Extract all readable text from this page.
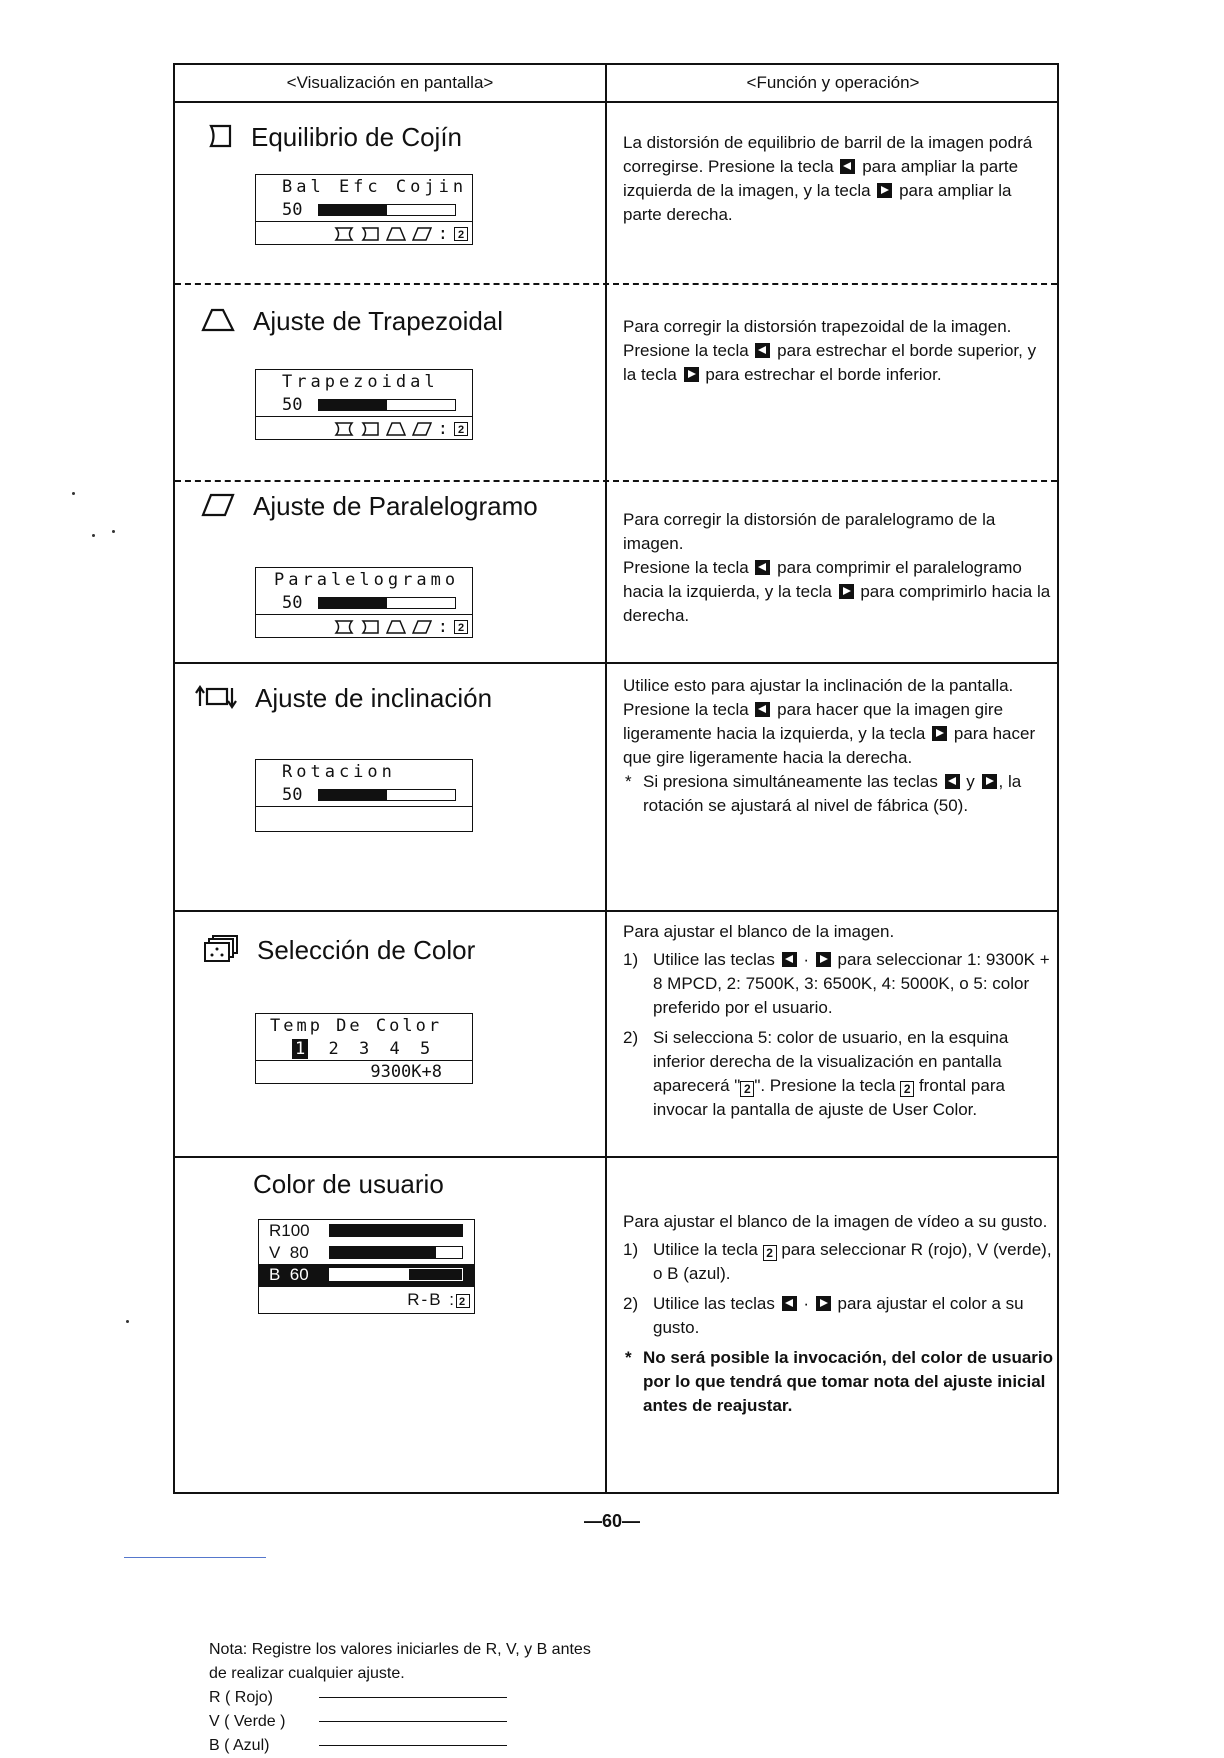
<Visualización en pantalla>	<Función y operación>
Equilibrio de Cojín
Bal Efc Cojin
50
: 2
La distorsión de equilibrio de barril de la imagen podrá corregirse. Presione la tecla para ampliar la parte izquierda de la imagen, y la tecla para ampliar la parte derecha.
Ajuste de Trapezoidal
Trapezoidal
50
: 2
Para corregir la distorsión trapezoidal de la imagen.
Presione la tecla para estrechar el borde superior, y la tecla para estrechar el borde inferior.
Ajuste de Paralelogramo
Paralelogramo
50
: 2
Para corregir la distorsión de paralelogramo de la imagen.
Presione la tecla para comprimir el paralelogramo hacia la izquierda, y la tecla para comprimirlo hacia la derecha.
Ajuste de inclinación
Rotacion
50
Utilice esto para ajustar la inclinación de la pantalla.
Presione la tecla para hacer que la imagen gire ligeramente hacia la izquierda, y la tecla para hacer que gire ligeramente hacia la derecha.
* Si presiona simultáneamente las teclas y , la rotación se ajustará al nivel de fábrica (50).
Selección de Color
Temp De Color
1 2 3 4 5
9300K+8
Para ajustar el blanco de la imagen.
1) Utilice las teclas · para seleccionar 1: 9300K + 8 MPCD, 2: 7500K, 3: 6500K, 4: 5000K, o 5: color preferido por el usuario.
2) Si selecciona 5: color de usuario, en la esquina inferior derecha de la visualización en pantalla aparecerá " 2 ". Presione la tecla 2 frontal para invocar la pantalla de ajuste de User Color.
Color de usuario
R100
V  80
B  60
R-B : 2
Nota: Registre los valores iniciarles de R, V, y B antes de realizar cualquier ajuste.
R ( Rojo)
V ( Verde )
B ( Azul)
Para ajustar el blanco de la imagen de vídeo a su gusto.
1) Utilice la tecla 2 para seleccionar R (rojo), V (verde), o B (azul).
2) Utilice las teclas · para ajustar el color a su gusto.
* No será posible la invocación, del color de usuario por lo que tendrá que tomar nota del ajuste inicial antes de reajustar.
—60—
